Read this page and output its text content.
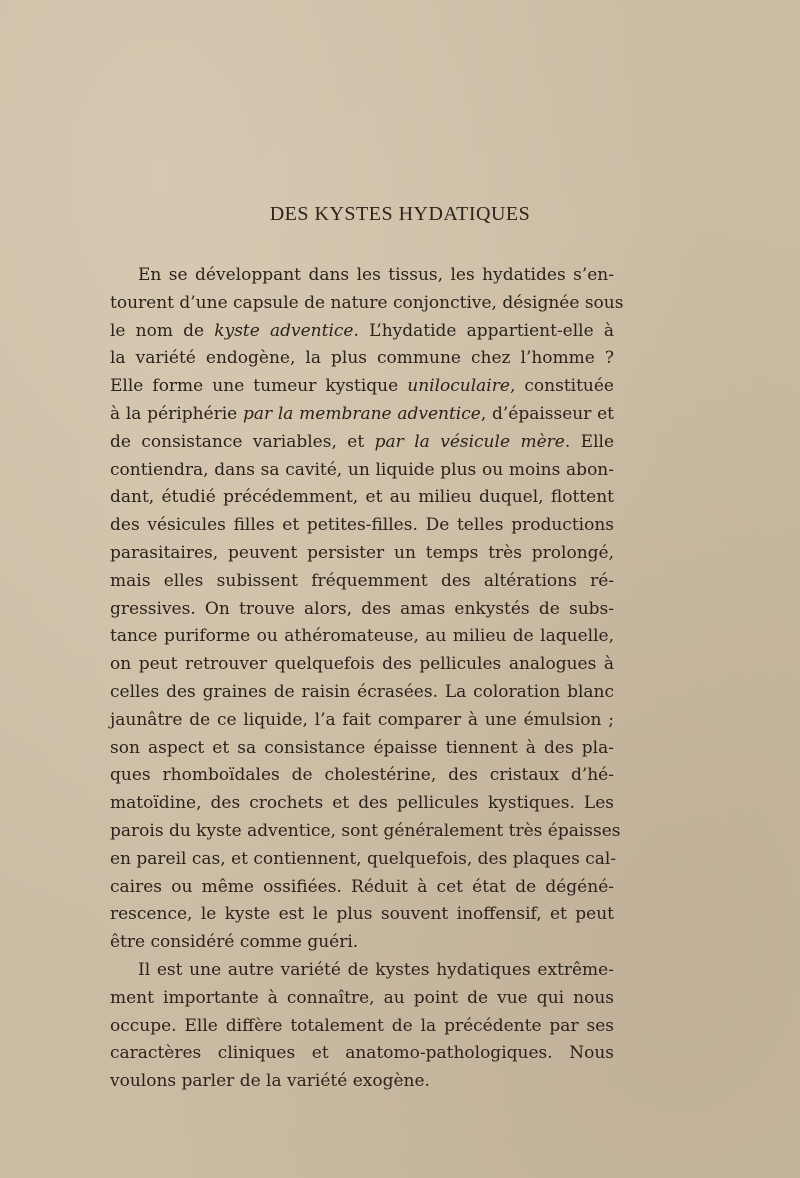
DES KYSTES HYDATIQUES
En se développant dans les tissus, les hydatides s’en-
tourent d’une capsule de nature conjonctive, désignée sous
le nom de kyste adventice. L’hydatide appartient-elle à
la variété endogène, la plus commune chez l’homme ?
Elle forme une tumeur kystique uniloculaire, constituée
à la périphérie par la membrane adventice, d’épaisseur et
de consistance variables, et par la vésicule mère. Elle
contiendra, dans sa cavité, un liquide plus ou moins abon-
dant, étudié précédemment, et au milieu duquel, flottent
des vésicules filles et petites-filles. De telles productions
parasitaires, peuvent persister un temps très prolongé,
mais elles subissent fréquemment des altérations ré-
gressives. On trouve alors, des amas enkystés de subs-
tance puriforme ou athéromateuse, au milieu de laquelle,
on peut retrouver quelquefois des pellicules analogues à
celles des graines de raisin écrasées. La coloration blanc
jaunâtre de ce liquide, l’a fait comparer à une émulsion ;
son aspect et sa consistance épaisse tiennent à des pla-
ques rhomboïdales de cholestérine, des cristaux d’hé-
matoïdine, des crochets et des pellicules kystiques. Les
parois du kyste adventice, sont généralement très épaisses
en pareil cas, et contiennent, quelquefois, des plaques cal-
caires ou même ossifiées. Réduit à cet état de dégéné-
rescence, le kyste est le plus souvent inoffensif, et peut
être considéré comme guéri.
Il est une autre variété de kystes hydatiques extrême-
ment importante à connaître, au point de vue qui nous
occupe. Elle diffère totalement de la précédente par ses
caractères cliniques et anatomo-pathologiques. Nous
voulons parler de la variété exogène.
